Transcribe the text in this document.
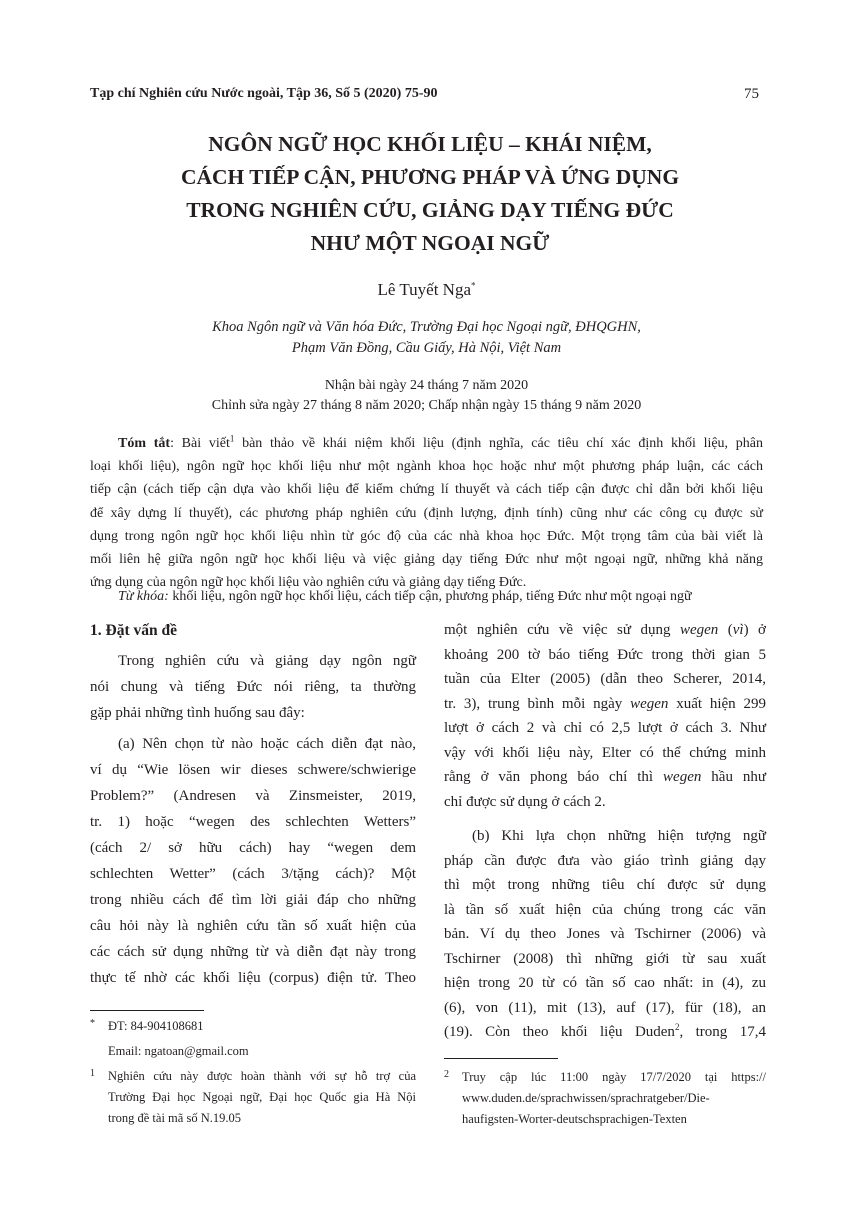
Tạp chí Nghiên cứu Nước ngoài, Tập 36, Số 5 (2020) 75-90	75
NGÔN NGỮ HỌC KHỐI LIỆU – KHÁI NIỆM,
CÁCH TIẾP CẬN, PHƯƠNG PHÁP VÀ ỨNG DỤNG
TRONG NGHIÊN CỨU, GIẢNG DẠY TIẾNG ĐỨC
NHƯ MỘT NGOẠI NGỮ
Lê Tuyết Nga*
Khoa Ngôn ngữ và Văn hóa Đức, Trường Đại học Ngoại ngữ, ĐHQGHN,
Phạm Văn Đồng, Cầu Giấy, Hà Nội, Việt Nam
Nhận bài ngày 24 tháng 7 năm 2020
Chỉnh sửa ngày 27 tháng 8 năm 2020; Chấp nhận ngày 15 tháng 9 năm 2020
Tóm tắt: Bài viết$^1$ bàn thảo về khái niệm khối liệu (định nghĩa, các tiêu chí xác định khối liệu, phân
loại khối liệu), ngôn ngữ học khối liệu như một ngành khoa học hoặc như một phương pháp luận, các cách
tiếp cận (cách tiếp cận dựa vào khối liệu để kiểm chứng lí thuyết và cách tiếp cận được chỉ dẫn bởi khối liệu
để xây dựng lí thuyết), các phương pháp nghiên cứu (định lượng, định tính) cũng như các công cụ được sử
dụng trong ngôn ngữ học khối liệu nhìn từ góc độ của các nhà khoa học Đức. Một trọng tâm của bài viết là
mối liên hệ giữa ngôn ngữ học khối liệu và việc giảng dạy tiếng Đức như một ngoại ngữ, những khả năng
ứng dụng của ngôn ngữ học khối liệu vào nghiên cứu và giảng dạy tiếng Đức.
Từ khóa: khối liệu, ngôn ngữ học khối liệu, cách tiếp cận, phương pháp, tiếng Đức như một ngoại ngữ
1. Đặt vấn đề
Trong nghiên cứu và giảng dạy ngôn ngữ
nói chung và tiếng Đức nói riêng, ta thường
gặp phải những tình huống sau đây:
(a) Nên chọn từ nào hoặc cách diễn đạt nào,
ví dụ “Wie lösen wir dieses schwere/schwierige
Problem?” (Andresen và Zinsmeister, 2019,
tr. 1) hoặc “wegen des schlechten Wetters”
(cách 2/ sở hữu cách) hay “wegen dem
schlechten Wetter” (cách 3/tặng cách)? Một
trong nhiều cách để tìm lời giải đáp cho những
câu hỏi này là nghiên cứu tần số xuất hiện của
các cách sử dụng những từ và diễn đạt này trong
thực tế nhờ các khối liệu (corpus) điện tử. Theo
* ĐT: 84-904108681
Email: ngatoan@gmail.com
1 Nghiên cứu này được hoàn thành với sự hỗ trợ của
Trường Đại học Ngoại ngữ, Đại học Quốc gia Hà Nội
trong đề tài mã số N.19.05
một nghiên cứu về việc sử dụng wegen (vì) ở
khoảng 200 tờ báo tiếng Đức trong thời gian 5
tuần của Elter (2005) (dẫn theo Scherer, 2014,
tr. 3), trung bình mỗi ngày wegen xuất hiện 299
lượt ở cách 2 và chỉ có 2,5 lượt ở cách 3. Như
vậy với khối liệu này, Elter có thể chứng minh
rằng ở văn phong báo chí thì wegen hầu như
chỉ được sử dụng ở cách 2.
(b) Khi lựa chọn những hiện tượng ngữ
pháp cần được đưa vào giáo trình giảng dạy
thì một trong những tiêu chí được sử dụng
là tần số xuất hiện của chúng trong các văn
bản. Ví dụ theo Jones và Tschirner (2006) và
Tschirner (2008) thì những giới từ sau xuất
hiện trong 20 từ có tần số cao nhất: in (4), zu
(6), von (11), mit (13), auf (17), für (18), an
(19). Còn theo khối liệu Duden$^2$, trong 17,4
2 Truy cập lúc 11:00 ngày 17/7/2020 tại https://
www.duden.de/sprachwissen/sprachratgeber/Die-
haufigsten-Worter-deutschsprachigen-Texten
